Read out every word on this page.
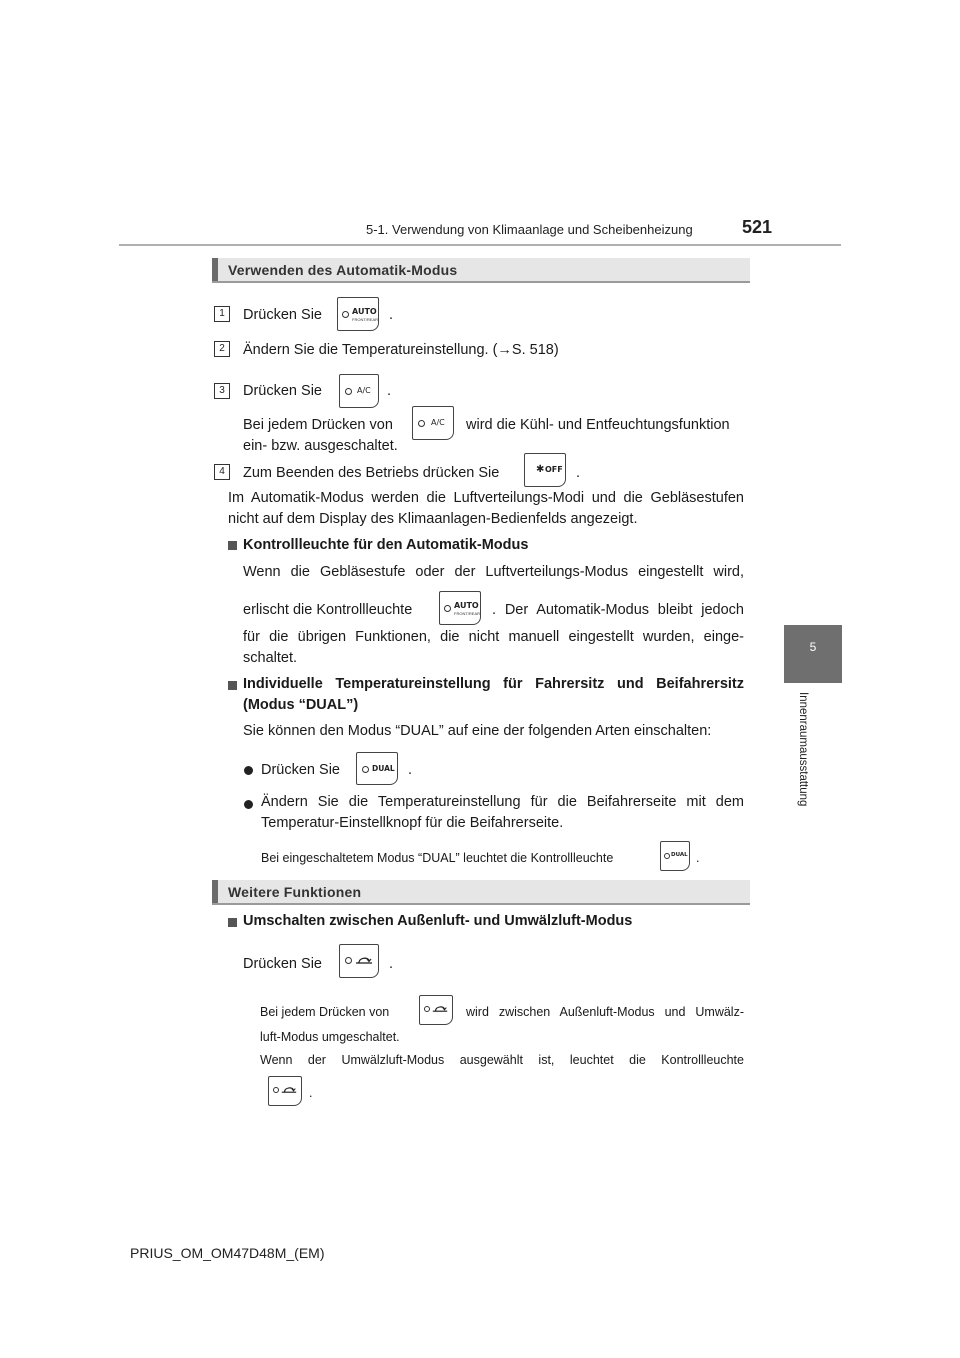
5-1. Verwendung von Klimaanlage und Scheibenheizung	521
5
Innenraumausstattung
Verwenden des Automatik-Modus
1	Drücken Sie	AUTO
FRONT/REAR .
2	Ändern Sie die Temperatureinstellung. (→S. 518)
3	Drücken Sie	A/C .
Bei jedem Drücken von	A/C wird die Kühl- und Entfeuchtungsfunktion
ein- bzw. ausgeschaltet.
4	Zum Beenden des Betriebs drücken Sie	✱ OFF .
Im Automatik-Modus werden die Luftverteilungs-Modi und die Gebläsestufen
nicht auf dem Display des Klimaanlagen-Bedienfelds angezeigt.
Kontrollleuchte für den Automatik-Modus
Wenn die Gebläsestufe oder der Luftverteilungs-Modus eingestellt wird,
erlischt die Kontrollleuchte	AUTO
FRONT/REAR . Der Automatik-Modus bleibt jedoch
für die übrigen Funktionen, die nicht manuell eingestellt wurden, einge-
schaltet.
Individuelle Temperatureinstellung für Fahrersitz und Beifahrersitz
(Modus “DUAL”)
Sie können den Modus “DUAL” auf eine der folgenden Arten einschalten:
Drücken Sie	DUAL .
Ändern Sie die Temperatureinstellung für die Beifahrerseite mit dem
Temperatur-Einstellknopf für die Beifahrerseite.
Bei eingeschaltetem Modus “DUAL” leuchtet die Kontrollleuchte	DUAL .
Weitere Funktionen
Umschalten zwischen Außenluft- und Umwälzluft-Modus
Drücken Sie	.
Bei jedem Drücken von	wird zwischen Außenluft-Modus und Umwälz-
luft-Modus umgeschaltet.
Wenn der Umwälzluft-Modus ausgewählt ist, leuchtet die Kontrollleuchte
.
PRIUS_OM_OM47D48M_(EM)
